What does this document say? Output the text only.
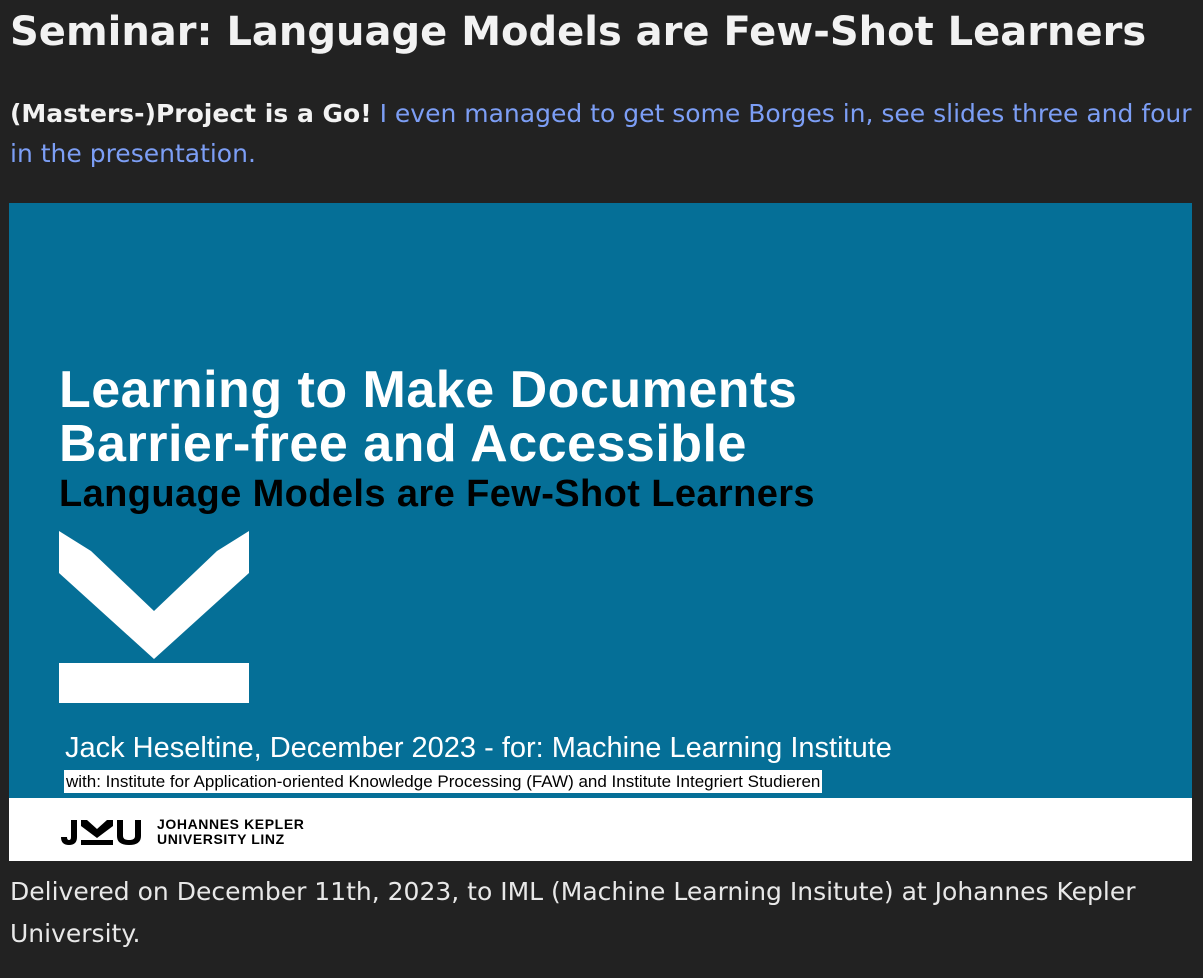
Seminar: Language Models are Few-Shot Learners

(Masters-)Project is a Go! I even managed to get some Borges in, see slides three and four in the presentation.

Learning to Make Documents
Barrier-free and Accessible
Language Models are Few-Shot Learners
Jack Heseltine, December 2023 - for: Machine Learning Institute
with: Institute for Application-oriented Knowledge Processing (FAW) and Institute Integriert Studieren
JOHANNES KEPLER
UNIVERSITY LINZ

Delivered on December 11th, 2023, to IML (Machine Learning Insitute) at Johannes Kepler University.
